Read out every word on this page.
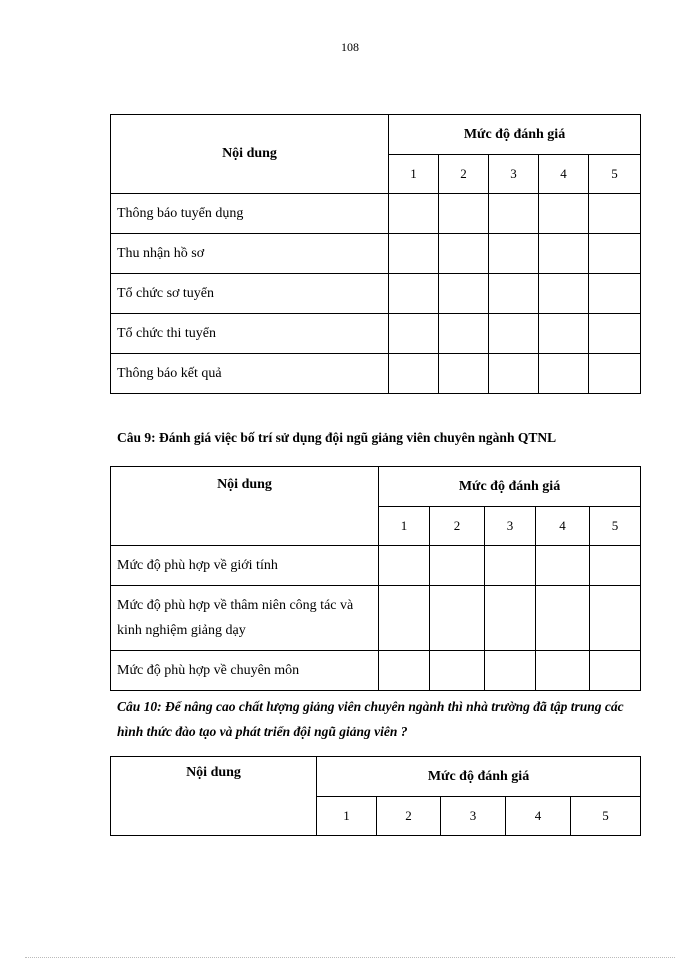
108
Nội dung	Mức độ đánh giá				
	1	2	3	4	5
Thông báo tuyển dụng					
Thu nhận hồ sơ					
Tổ chức sơ tuyển					
Tổ chức thi tuyển					
Thông báo kết quả					
Câu 9: Đánh giá việc bố trí sử dụng đội ngũ giảng viên chuyên ngành QTNL
Nội dung	Mức độ đánh giá				
	1	2	3	4	5
Mức độ phù hợp về giới tính					
Mức độ phù hợp về thâm niên công tác và kinh nghiệm giảng dạy					
Mức độ phù hợp về chuyên môn					
Câu 10: Để nâng cao chất lượng giảng viên chuyên ngành thì nhà trường đã tập trung các hình thức đào tạo và phát triển đội ngũ giảng viên ?
Nội dung	Mức độ đánh giá				
	1	2	3	4	5
